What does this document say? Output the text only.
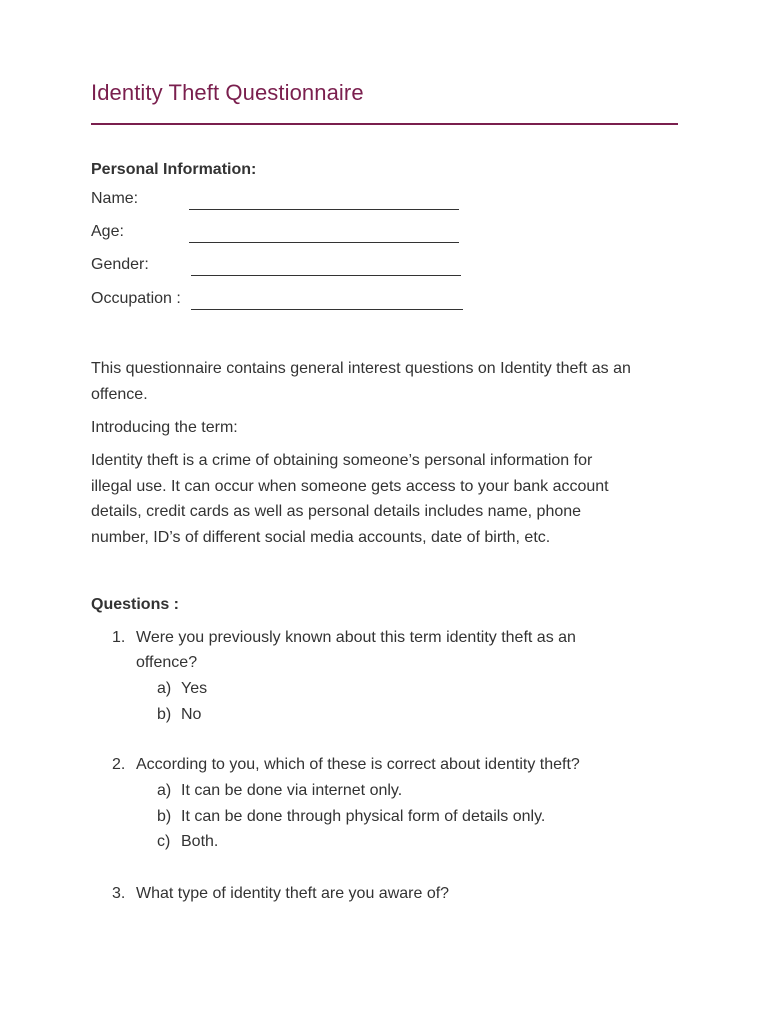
Identity Theft Questionnaire
Personal Information:
Name:
Age:
Gender:
Occupation :
This questionnaire contains general interest questions on Identity theft as an
offence.
Introducing the term:
Identity theft is a crime of obtaining someone’s personal information for
illegal use. It can occur when someone gets access to your bank account
details, credit cards as well as personal details includes name, phone
number, ID’s of different social media accounts, date of birth, etc.
Questions :
1. Were you previously known about this term identity theft as an
offence?
a) Yes
b) No
2. According to you, which of these is correct about identity theft?
a) It can be done via internet only.
b) It can be done through physical form of details only.
c) Both.
3. What type of identity theft are you aware of?
